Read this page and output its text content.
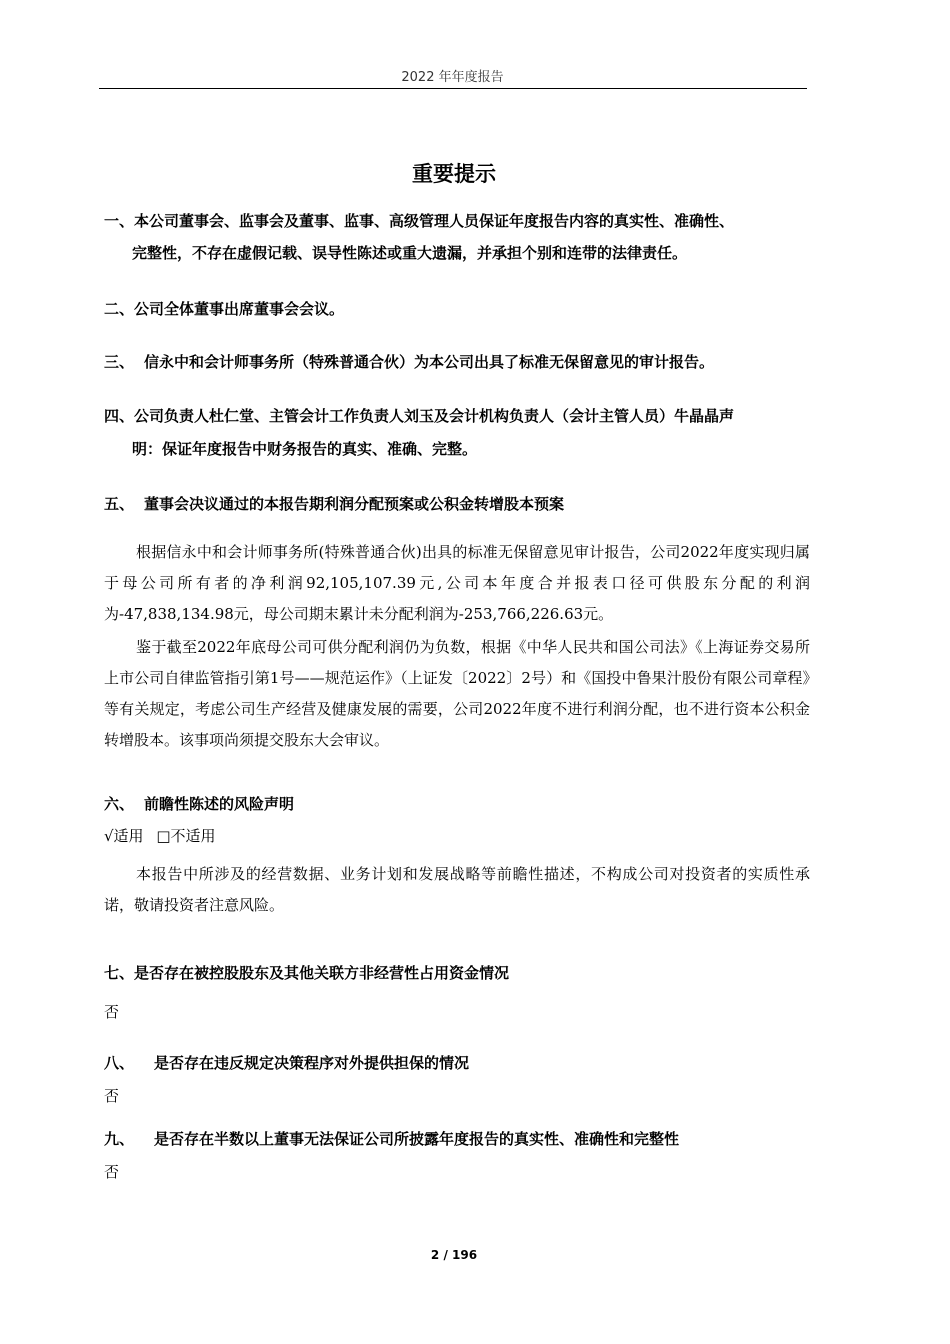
2022 年年度报告
重要提示
一、本公司董事会、监事会及董事、监事、高级管理人员保证年度报告内容的真实性、准确性、
完整性，不存在虚假记载、误导性陈述或重大遗漏，并承担个别和连带的法律责任。
二、公司全体董事出席董事会会议。
三、 信永中和会计师事务所（特殊普通合伙）为本公司出具了标准无保留意见的审计报告。
四、公司负责人杜仁堂、主管会计工作负责人刘玉及会计机构负责人（会计主管人员）牛晶晶声
明：保证年度报告中财务报告的真实、准确、完整。
五、 董事会决议通过的本报告期利润分配预案或公积金转增股本预案
根据信永中和会计师事务所(特殊普通合伙)出具的标准无保留意见审计报告，公司2022年度实现归属于母公司所有者的净利润92,105,107.39元,公司本年度合并报表口径可供股东分配的利润为-47,838,134.98元，母公司期末累计未分配利润为-253,766,226.63元。
鉴于截至2022年底母公司可供分配利润仍为负数，根据《中华人民共和国公司法》《上海证券交易所上市公司自律监管指引第1号——规范运作》（上证发〔2022〕2号）和《国投中鲁果汁股份有限公司章程》等有关规定，考虑公司生产经营及健康发展的需要，公司2022年度不进行利润分配，也不进行资本公积金转增股本。该事项尚须提交股东大会审议。
六、 前瞻性陈述的风险声明
√适用 □不适用
本报告中所涉及的经营数据、业务计划和发展战略等前瞻性描述，不构成公司对投资者的实质性承诺，敬请投资者注意风险。
七、是否存在被控股股东及其他关联方非经营性占用资金情况
否
八、 是否存在违反规定决策程序对外提供担保的情况
否
九、 是否存在半数以上董事无法保证公司所披露年度报告的真实性、准确性和完整性
否
2 / 196
